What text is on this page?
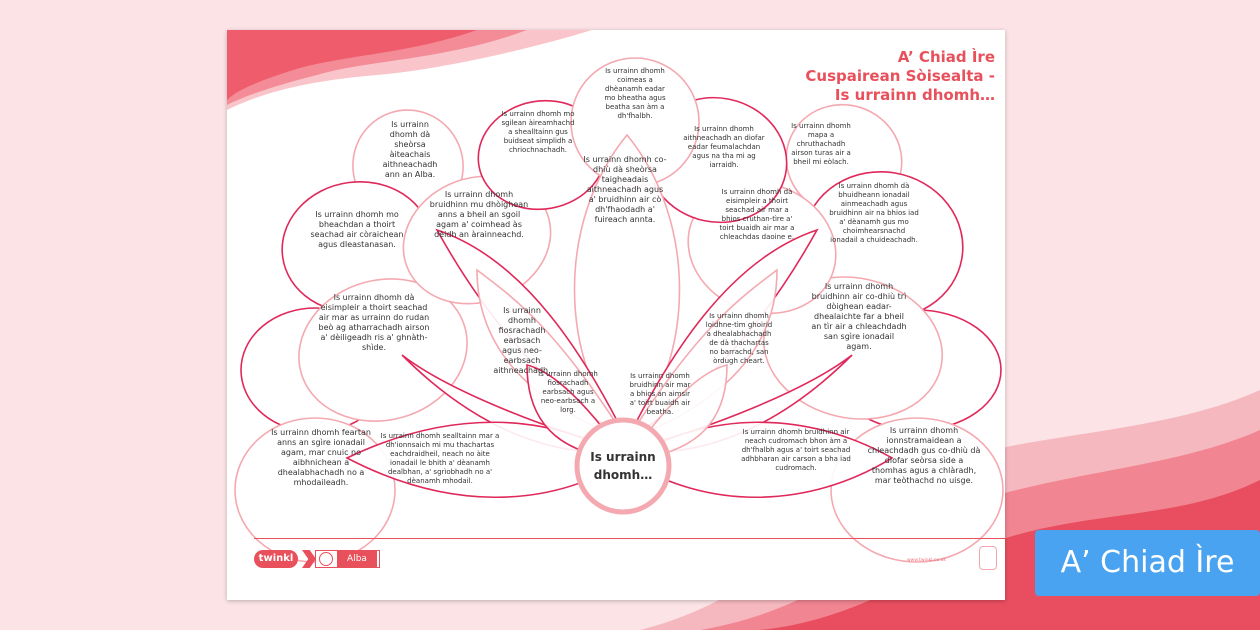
A’ Chiad Ìre
Cuspairean Sòisealta -
Is urrainn dhomh…
Is urrainn dhomh coimeas a dhèanamh eadar mo bheatha agus beatha san àm a dh'fhalbh.
Is urrainn dhomh mo sgilean àireamhachd a shealltainn gus buidseat simplidh a chriochnachadh.
Is urrainn dhomh aithneachadh an diofar eadar feumalachdan agus na tha mi ag iarraidh.
Is urrainn dhomh dà sheòrsa àiteachais aithneachadh ann an Alba.
Is urrainn dhomh mapa a chruthachadh airson turas air a bheil mi eòlach.
Is urrainn dhomh co-dhiù dà sheòrsa taigheadais aithneachadh agus a' bruidhinn air cò dh'fhaodadh a' fuireach annta.
Is urrainn dhomh bruidhinn mu dhòighean anns a bheil an sgoil agam a' coimhead às dèidh an àrainneachd.
Is urrainn dhomh mo bheachdan a thoirt seachad air còraichean agus dleastanasan.
Is urrainn dhomh dà eisimpleir a thoirt seachad air mar a bhios cruthan-tìre a' toirt buaidh air mar a chleachdas daoine e.
Is urrainn dhomh dà bhuidheann ionadail ainmeachadh agus bruidhinn air na bhios iad a' dèanamh gus mo choimhearsnachd ionadail a chuideachadh.
Is urrainn dhomh dà eisimpleir a thoirt seachad air mar as urrainn do rudan beò ag atharrachadh airson a' dèiligeadh ris a' ghnàth-shìde.
Is urrainn dhomh fiosrachadh earbsach agus neo-earbsach aithneachadh.
Is urrainn dhomh loidhne-tìm ghoirid a dhealabhachadh de dà thachartas no barrachd, san òrdugh cheart.
Is urrainn dhomh bruidhinn air co-dhiù trì dòighean eadar-dhealaichte far a bheil an tìr air a chleachdadh san sgìre ionadail agam.
Is urrainn dhomh fiosrachadh earbsach agus neo-earbsach a lorg.
Is urrainn dhomh bruidhinn air mar a bhios an aimsir a' toirt buaidh air beatha.
Is urrainn dhomh feartan anns an sgìre ionadail agam, mar cnuic no aibhnichean a dhealabhachadh no a mhodaileadh.
Is urrainn dhomh sealltainn mar a dh'ionnsaich mi mu thachartas eachdraidheil, neach no àite ionadail le bhith a' dèanamh dealbhan, a' sgrìobhadh no a' dèanamh mhodail.
Is urrainn dhomh bruidhinn air neach cudromach bhon àm a dh'fhalbh agus a' toirt seachad adhbharan air carson a bha iad cudromach.
Is urrainn dhomh ionnstramaidean a chleachdadh gus co-dhiù dà diofar seòrsa sìde a thomhas agus a chlàradh, mar teòthachd no uisge.
Is urrainn dhomh…
twinkl	Alba	www.twinkl.co.uk	A’ Chiad Ìre
